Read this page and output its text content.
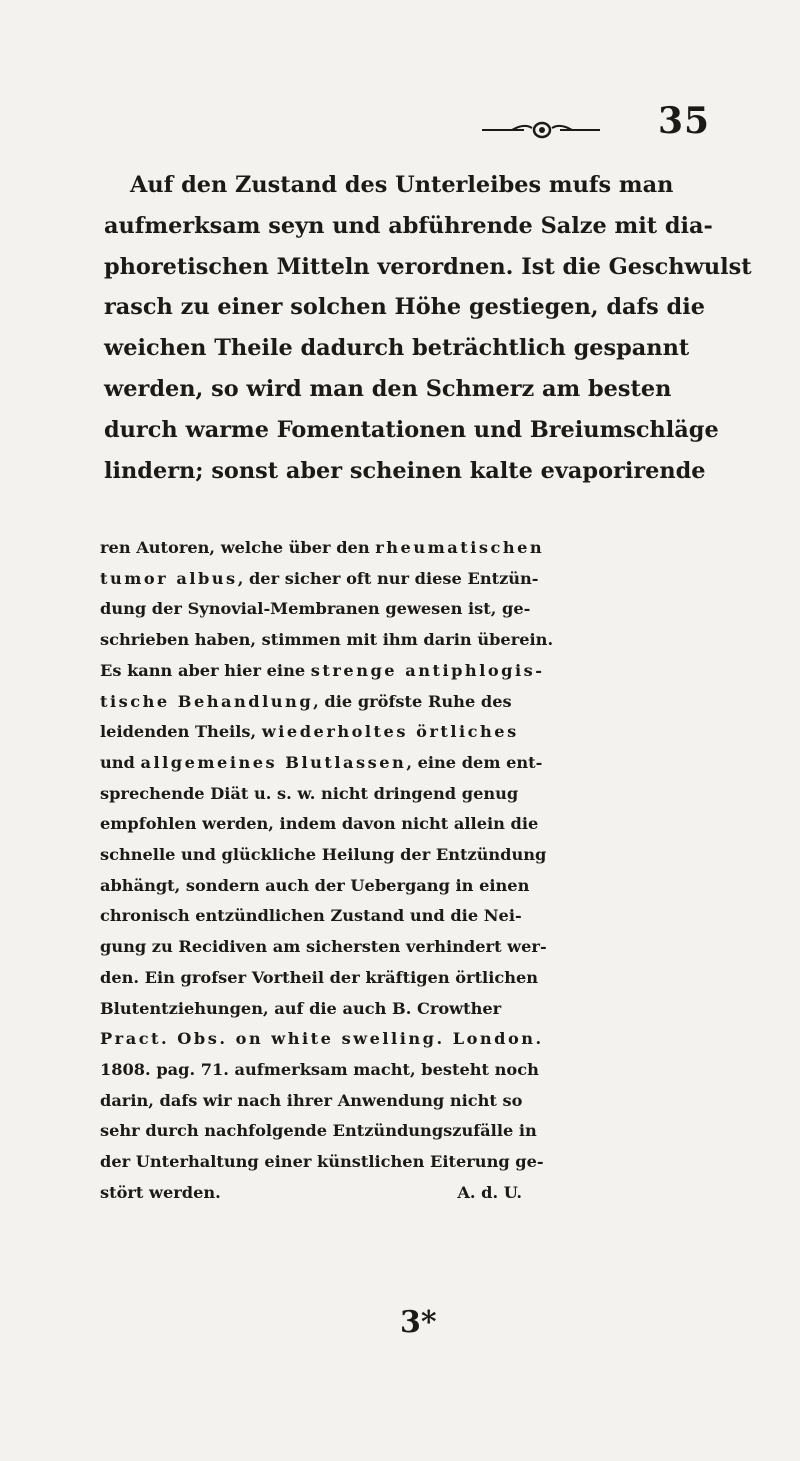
35

Auf den Zustand des Unterleibes mufs man
aufmerksam seyn und abführende Salze mit dia-
phoretischen Mitteln verordnen. Ist die Geschwulst
rasch zu einer solchen Höhe gestiegen, dafs die
weichen Theile dadurch beträchtlich gespannt
werden, so wird man den Schmerz am besten
durch warme Fomentationen und Breiumschläge
lindern; sonst aber scheinen kalte evaporirende

ren Autoren, welche über den rheumatischen
tumor albus, der sicher oft nur diese Entzün-
dung der Synovial-Membranen gewesen ist, ge-
schrieben haben, stimmen mit ihm darin überein.
Es kann aber hier eine strenge antiphlogis-
tische Behandlung, die gröfste Ruhe des
leidenden Theils, wiederholtes örtliches
und allgemeines Blutlassen, eine dem ent-
sprechende Diät u. s. w. nicht dringend genug
empfohlen werden, indem davon nicht allein die
schnelle und glückliche Heilung der Entzündung
abhängt, sondern auch der Uebergang in einen
chronisch entzündlichen Zustand und die Nei-
gung zu Recidiven am sichersten verhindert wer-
den. Ein grofser Vortheil der kräftigen örtlichen
Blutentziehungen, auf die auch B. Crowther
Pract. Obs. on white swelling. London.
1808. pag. 71. aufmerksam macht, besteht noch
darin, dafs wir nach ihrer Anwendung nicht so
sehr durch nachfolgende Entzündungszufälle in
der Unterhaltung einer künstlichen Eiterung ge-
stört werden.	A. d. U.

3*
